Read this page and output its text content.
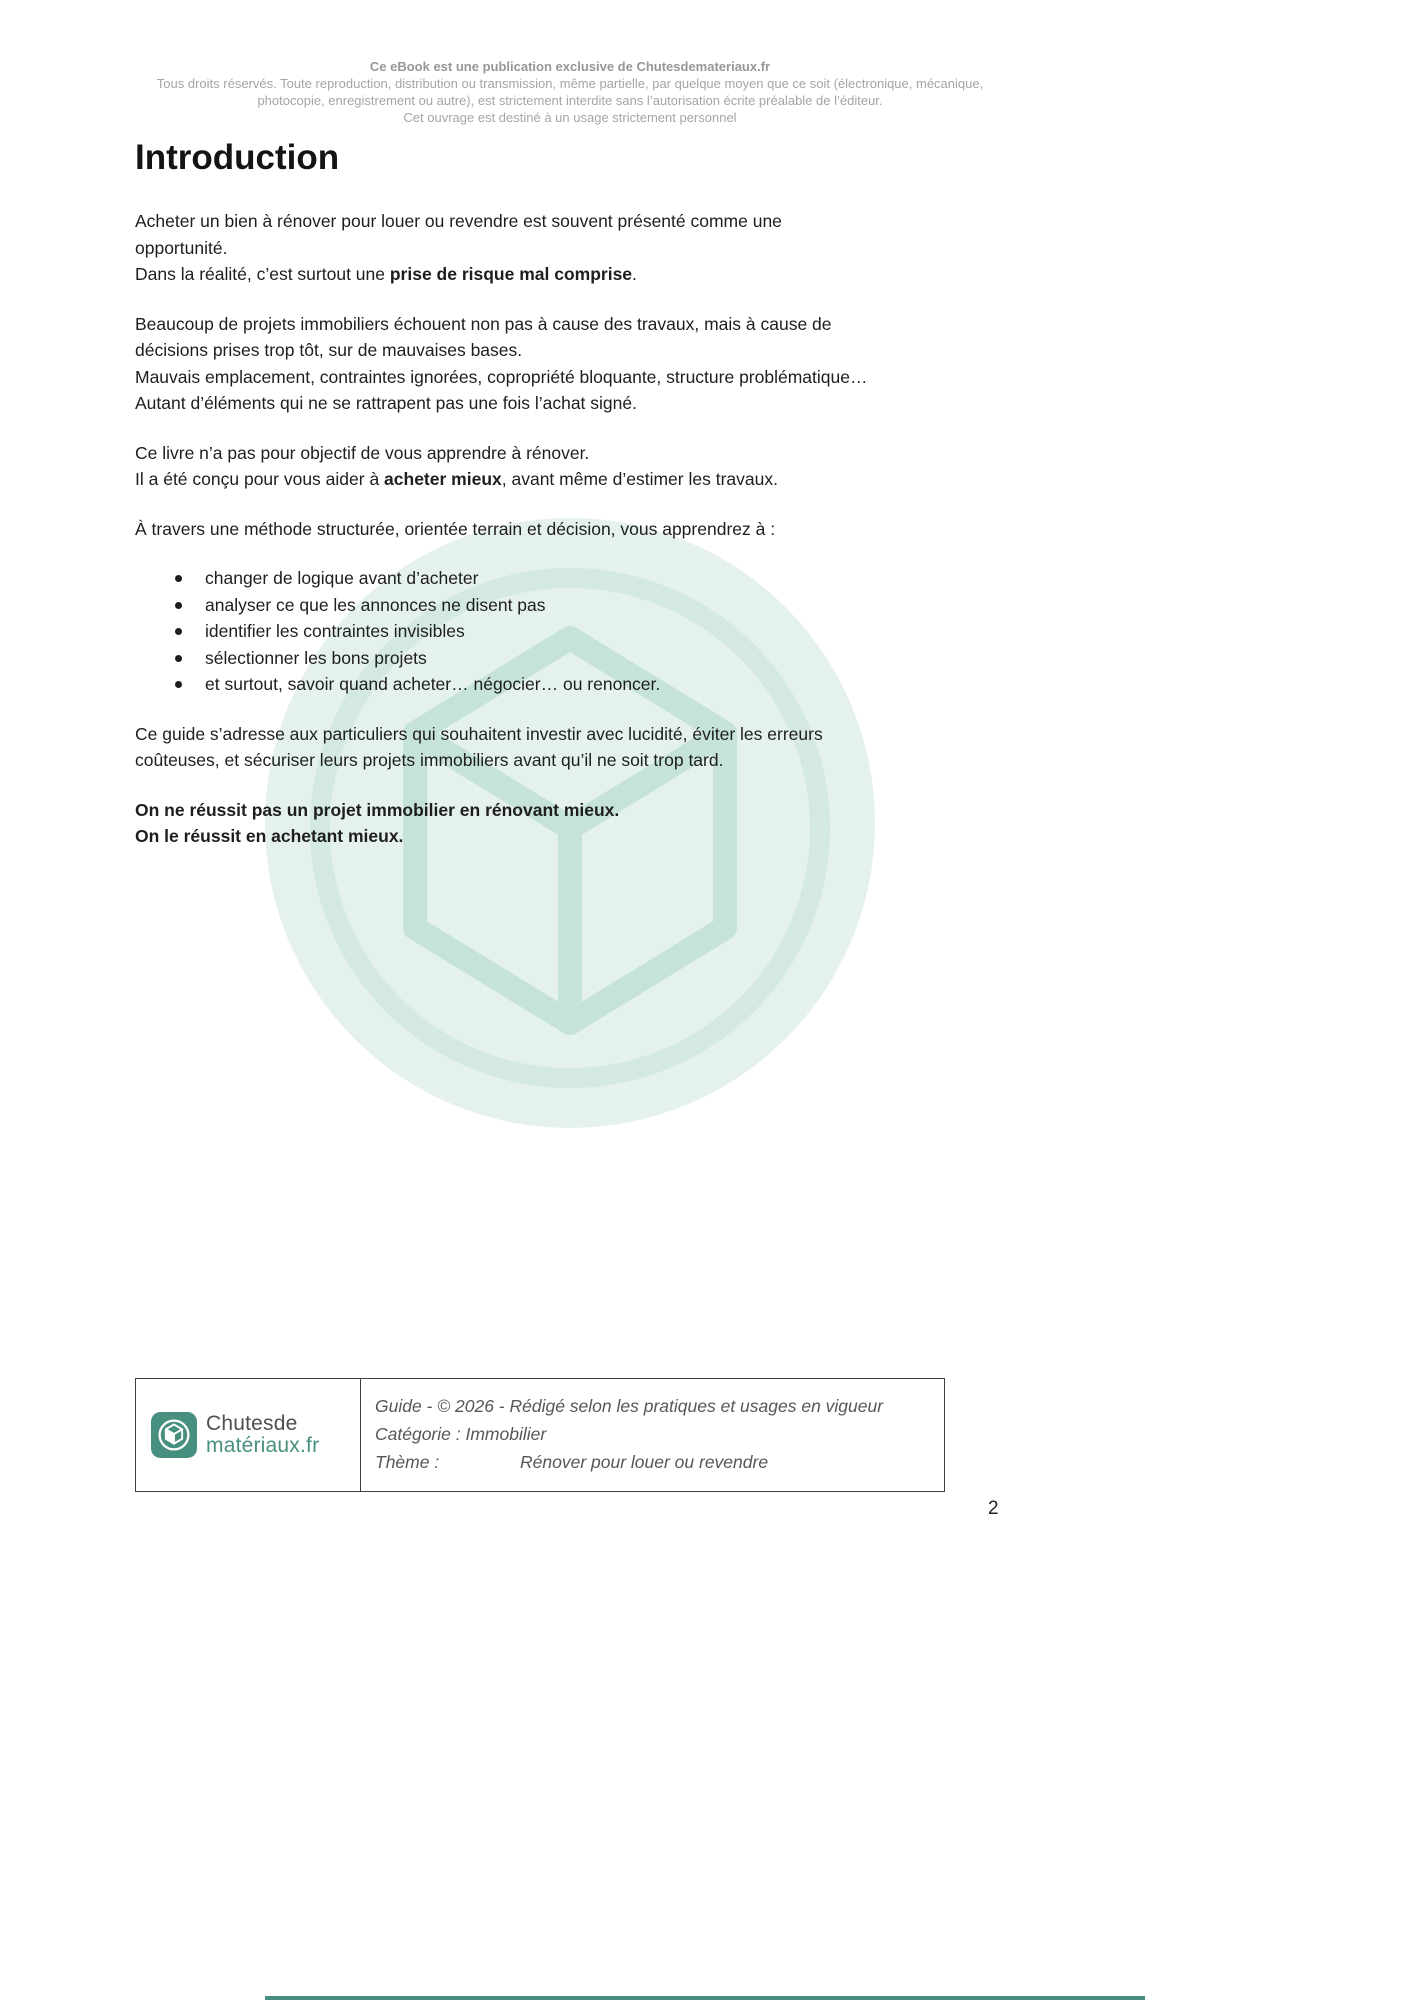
Ce eBook est une publication exclusive de Chutesdemateriaux.fr
Tous droits réservés. Toute reproduction, distribution ou transmission, même partielle, par quelque moyen que ce soit (électronique, mécanique,
photocopie, enregistrement ou autre), est strictement interdite sans l’autorisation écrite préalable de l’éditeur.
Cet ouvrage est destiné à un usage strictement personnel
Introduction

Acheter un bien à rénover pour louer ou revendre est souvent présenté comme une
opportunité.
Dans la réalité, c’est surtout une prise de risque mal comprise.

Beaucoup de projets immobiliers échouent non pas à cause des travaux, mais à cause de
décisions prises trop tôt, sur de mauvaises bases.
Mauvais emplacement, contraintes ignorées, copropriété bloquante, structure problématique…
Autant d’éléments qui ne se rattrapent pas une fois l’achat signé.

Ce livre n’a pas pour objectif de vous apprendre à rénover.
Il a été conçu pour vous aider à acheter mieux, avant même d’estimer les travaux.

À travers une méthode structurée, orientée terrain et décision, vous apprendrez à :

changer de logique avant d’acheter
analyser ce que les annonces ne disent pas
identifier les contraintes invisibles
sélectionner les bons projets
et surtout, savoir quand acheter… négocier… ou renoncer.

Ce guide s’adresse aux particuliers qui souhaitent investir avec lucidité, éviter les erreurs
coûteuses, et sécuriser leurs projets immobiliers avant qu’il ne soit trop tard.

On ne réussit pas un projet immobilier en rénovant mieux.
On le réussit en achetant mieux.

Chutesde
matériaux.fr
Guide - © 2026 - Rédigé selon les pratiques et usages en vigueur
Catégorie : Immobilier
Thème :	Rénover pour louer ou revendre
2
